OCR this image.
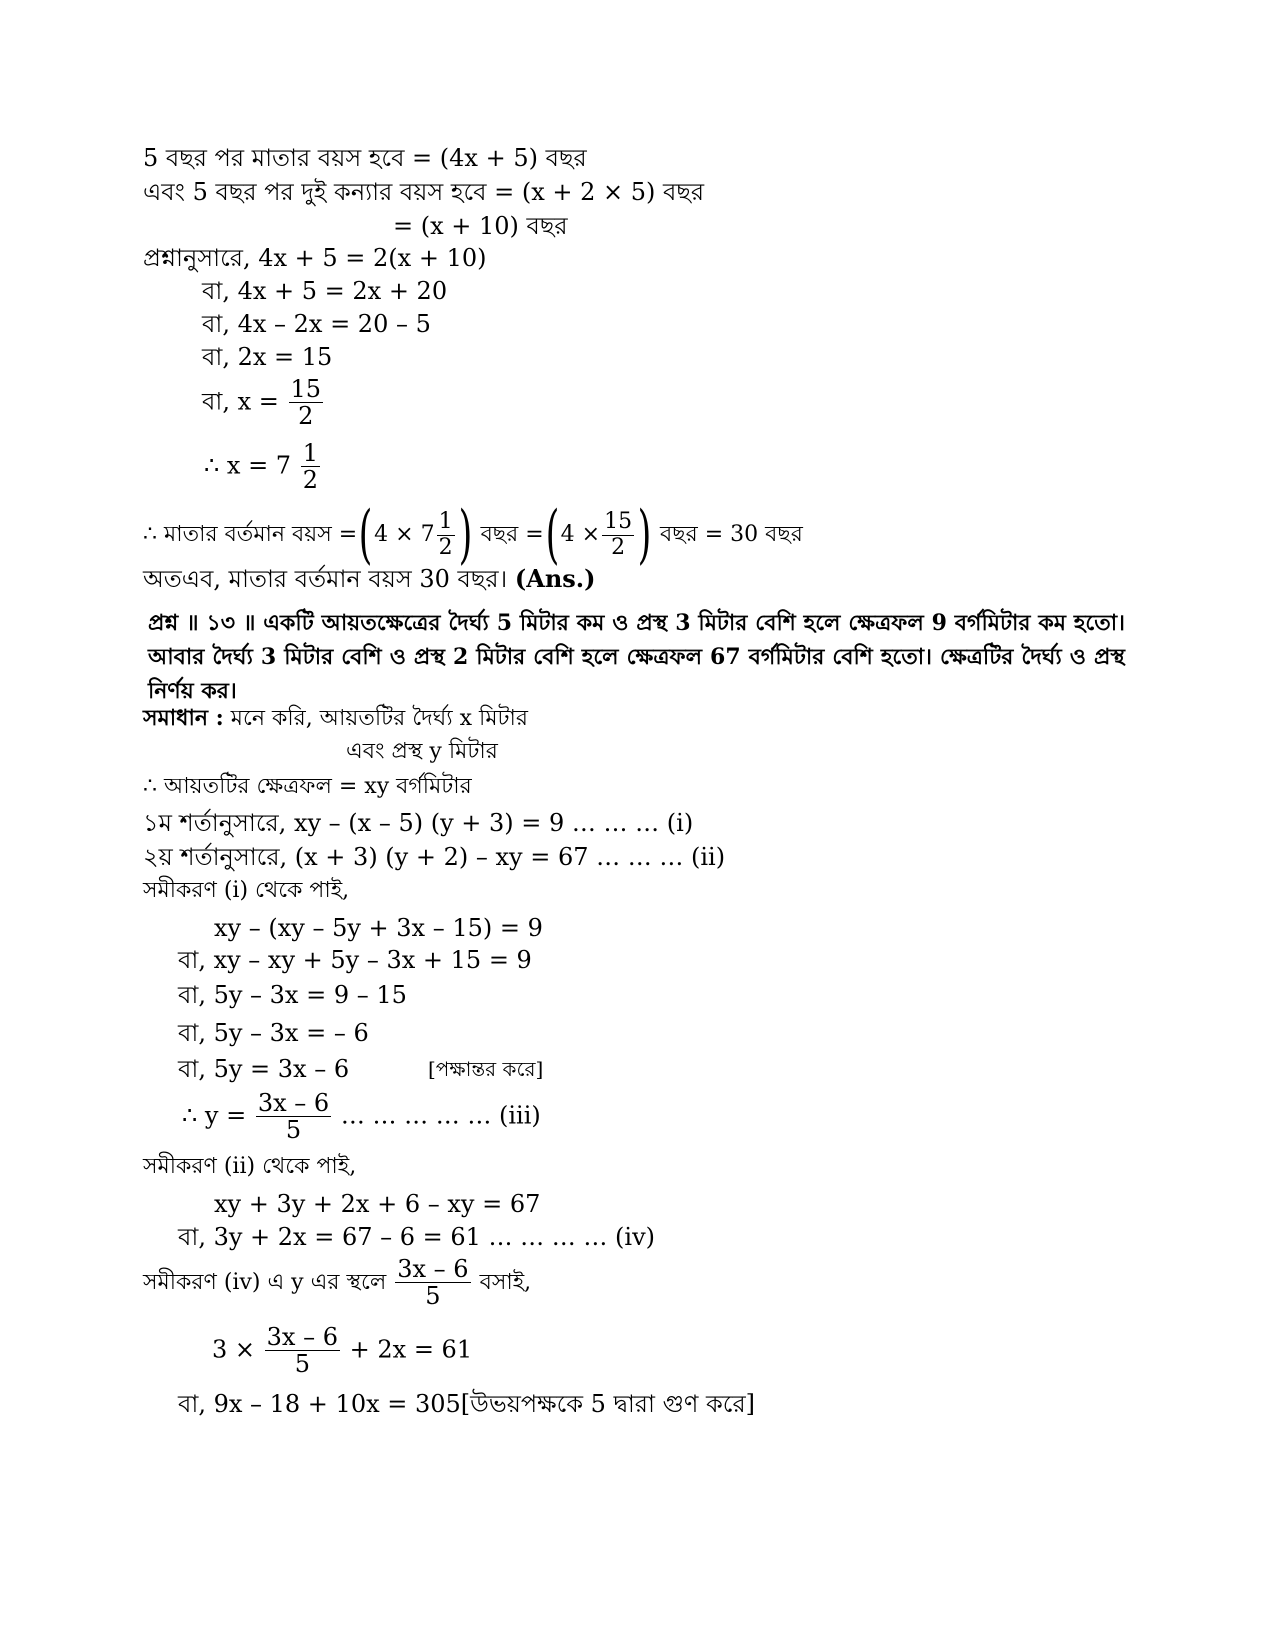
5 বছর পর মাতার বয়স হবে = (4x + 5) বছর
এবং 5 বছর পর দুই কন্যার বয়স হবে = (x + 2 × 5) বছর
= (x + 10) বছর
প্রশ্নানুসারে, 4x + 5 = 2(x + 10)
বা, 4x + 5 = 2x + 20
বা, 4x – 2x = 20 – 5
বা, 2x = 15
বা, $x = \frac{15}{2}$
∴ $x = 7 \frac{1}{2}$
∴ মাতার বর্তমান বয়স $=(4 \times 7 \frac{1}{2}$ ) বছর $=(4 \times \frac{15}{2}$ ) বছর = 30 বছর
অতএব, মাতার বর্তমান বয়স 30 বছর। (Ans.)
প্রশ্ন ॥ ১৩ ॥ একটি আয়তক্ষেত্রের দৈর্ঘ্য 5 মিটার কম ও প্রস্থ 3 মিটার বেশি হলে ক্ষেত্রফল 9 বর্গমিটার কম হতো। আবার দৈর্ঘ্য 3 মিটার বেশি ও প্রস্থ 2 মিটার বেশি হলে ক্ষেত্রফল 67 বর্গমিটার বেশি হতো। ক্ষেত্রটির দৈর্ঘ্য ও প্রস্থ নির্ণয় কর।
সমাধান : মনে করি, আয়তটির দৈর্ঘ্য x মিটার
এবং প্রস্থ y মিটার
∴ আয়তটির ক্ষেত্রফল = xy বর্গমিটার
১ম শর্তানুসারে, xy – (x – 5) (y + 3) = 9 … … … (i)
২য় শর্তানুসারে, (x + 3) (y + 2) – xy = 67 … … … (ii)
সমীকরণ (i) থেকে পাই,
xy – (xy – 5y + 3x – 15) = 9
বা, xy – xy + 5y – 3x + 15 = 9
বা, 5y – 3x = 9 – 15
বা, 5y – 3x = – 6
বা, 5y = 3x – 6	[পক্ষান্তর করে]
∴ $y = \frac{3x - 6}{5}$ … … … … … (iii)
সমীকরণ (ii) থেকে পাই,
xy + 3y + 2x + 6 – xy = 67
বা, 3y + 2x = 67 – 6 = 61 … … … … (iv)
সমীকরণ (iv) এ y এর স্থলে $\frac{3x - 6}{5}$ বসাই,
$3 \times \frac{3x - 6}{5} + 2x = 61$
বা, 9x – 18 + 10x = 305[উভয়পক্ষকে 5 দ্বারা গুণ করে]
